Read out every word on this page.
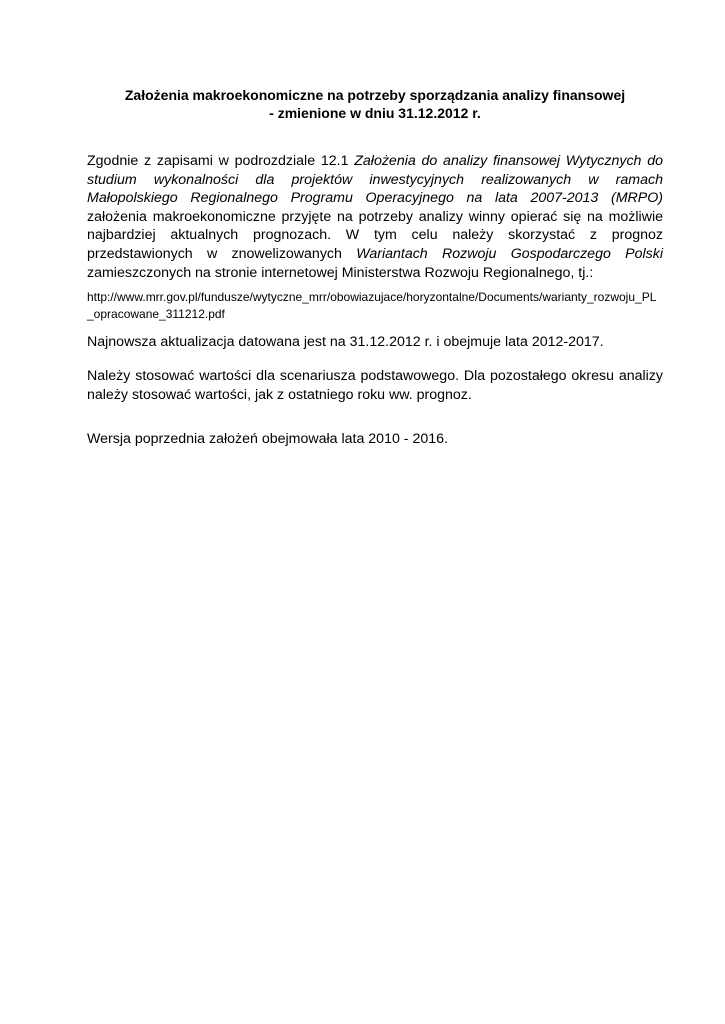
Założenia makroekonomiczne na potrzeby sporządzania analizy finansowej
- zmienione w dniu 31.12.2012 r.
Zgodnie z zapisami w podrozdziale 12.1 Założenia do analizy finansowej Wytycznych do studium wykonalności dla projektów inwestycyjnych realizowanych w ramach Małopolskiego Regionalnego Programu Operacyjnego na lata 2007-2013 (MRPO) założenia makroekonomiczne przyjęte na potrzeby analizy winny opierać się na możliwie najbardziej aktualnych prognozach. W tym celu należy skorzystać z prognoz przedstawionych w znowelizowanych Wariantach Rozwoju Gospodarczego Polski zamieszczonych na stronie internetowej Ministerstwa Rozwoju Regionalnego, tj.:
http://www.mrr.gov.pl/fundusze/wytyczne_mrr/obowiazujace/horyzontalne/Documents/warianty_rozwoju_PL_opracowane_311212.pdf
Najnowsza aktualizacja datowana jest na 31.12.2012 r. i obejmuje lata 2012-2017.
Należy stosować wartości dla scenariusza podstawowego. Dla pozostałego okresu analizy należy stosować wartości, jak z ostatniego roku ww. prognoz.
Wersja poprzednia założeń obejmowała lata 2010 - 2016.
